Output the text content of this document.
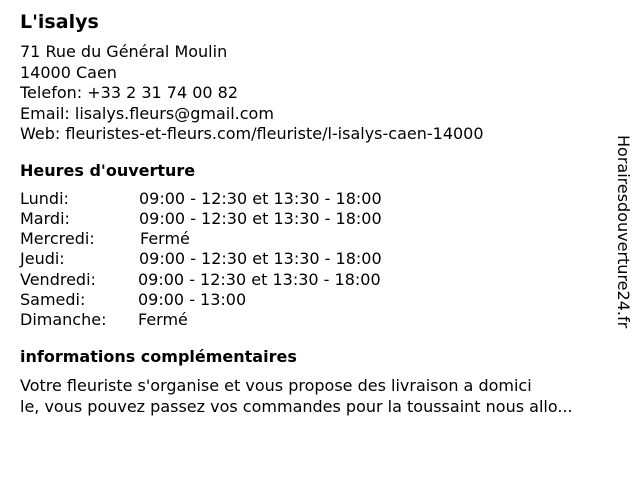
L'isalys
71 Rue du Général Moulin
14000 Caen
Telefon: +33 2 31 74 00 82
Email: lisalys.fleurs@gmail.com
Web: fleuristes-et-fleurs.com/fleuriste/l-isalys-caen-14000
Heures d'ouverture
Lundi:	09:00 - 12:30 et 13:30 - 18:00
Mardi:	09:00 - 12:30 et 13:30 - 18:00
Mercredi:	Fermé
Jeudi:	09:00 - 12:30 et 13:30 - 18:00
Vendredi:	09:00 - 12:30 et 13:30 - 18:00
Samedi:	09:00 - 13:00
Dimanche: Fermé
informations complémentaires
Votre fleuriste s'organise et vous propose des livraison a domici
le, vous pouvez passez vos commandes pour la toussaint nous allo...
Horairesdouverture24.fr
